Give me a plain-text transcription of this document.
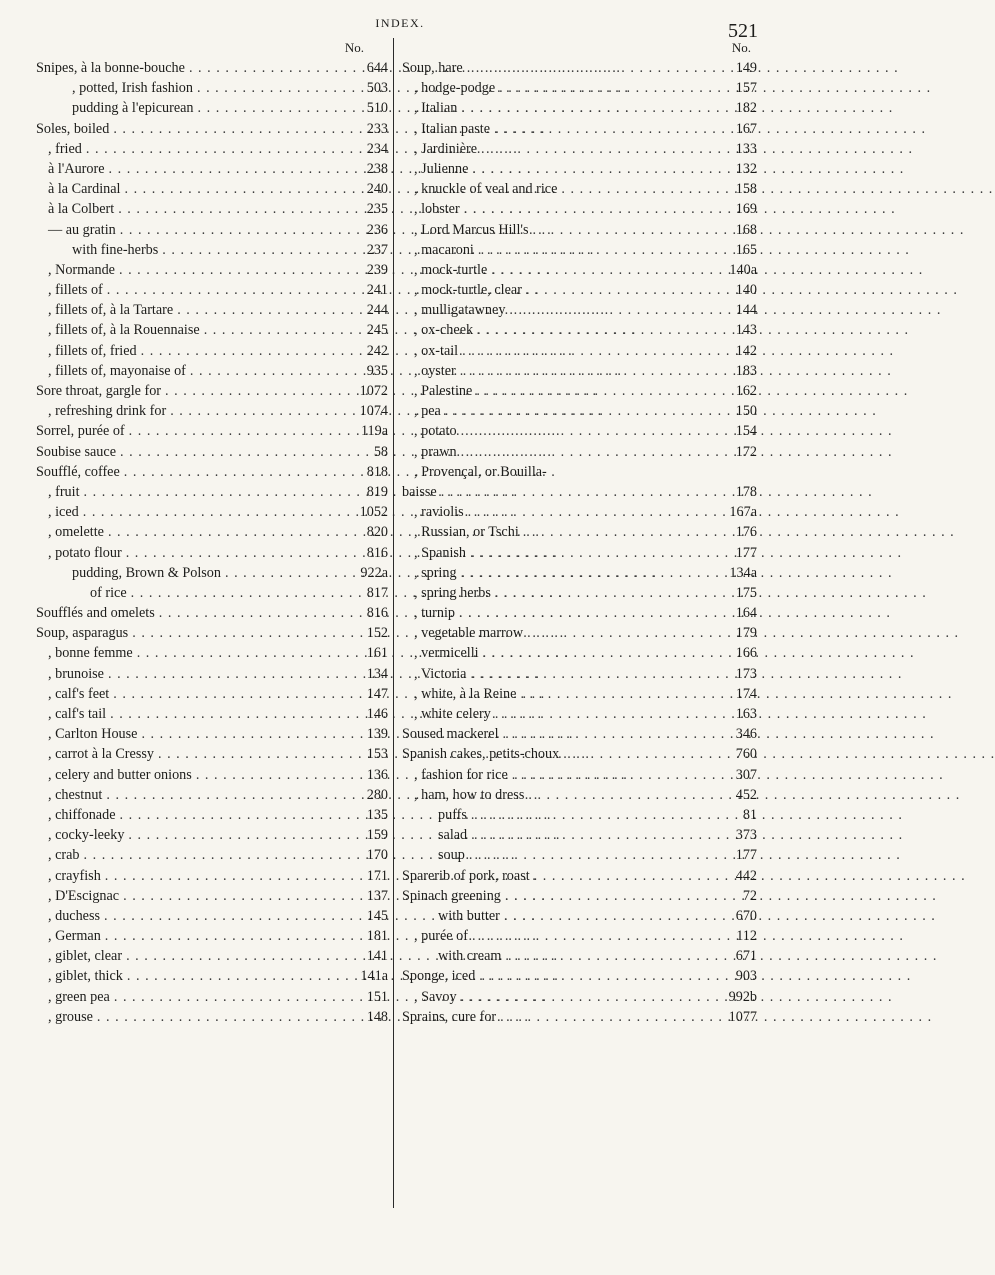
INDEX.	521
No.
Snipes, à la bonne-bouche . . .	644
, potted, Irish fashion . . .	503
pudding à l'epicurean . . .	510
Soles, boiled . . .	233
, fried . . .	234
à l'Aurore . . .	238
à la Cardinal . . .	240
à la Colbert . . .	235
— au gratin . . .	236
with fine-herbs . . .	237
, Normande . . .	239
, fillets of . . .	241
, fillets of, à la Tartare . . .	244
, fillets of, à la Rouennaise . . .	245
, fillets of, fried . . .	242
, fillets of, mayonaise of . . .	935
Sore throat, gargle for . . .	1072
, refreshing drink for . . .	1074
Sorrel, purée of . . .	119a
Soubise sauce . . .	58
Soufflé, coffee . . .	818
, fruit . . .	819
, iced . . .	1052
, omelette . . .	820
, potato flour . . .	816
pudding, Brown & Polson . . .	922a
of rice . . .	817
Soufflés and omelets . . .	816
Soup, asparagus . . .	152
, bonne femme . . .	161
, brunoise . . .	134
, calf's feet . . .	147
, calf's tail . . .	146
, Carlton House . . .	139
, carrot à la Cressy . . .	153
, celery and butter onions . . .	136
, chestnut . . .	280
, chiffonade . . .	135
, cocky-leeky . . .	159
, crab . . .	170
, crayfish . . .	171
, D'Escignac . . .	137
, duchess . . .	145
, German . . .	181
, giblet, clear . . .	141
, giblet, thick . . .	141a
, green pea . . .	151
, grouse . . .	148
No.
Soup, hare . . .	149
, hodge-podge . . .	157
, Italian . . .	182
, Italian paste . . .	167
, Jardinière . . .	133
, Julienne . . .	132
, knuckle of veal and rice . . .	158
, lobster . . .	169
, Lord Marcus Hill's . . .	168
, macaroni . . .	165
, mock-turtle . . .	140a
, mock-turtle, clear . . .	140
, mulligatawney . . .	144
, ox-cheek . . .	143
, ox-tail . . .	142
, oyster . . .	183
, Palestine . . .	162
, pea . . .	150
, potato . . .	154
, prawn . . .	172
, Provençal, or Bouilla-
baisse . . .	178
, raviolis . . .	167a
, Russian, or Tschi . . .	176
, Spanish . . .	177
, spring . . .	134a
, spring herbs . . .	175
, turnip . . .	164
, vegetable marrow . . .	179
, vermicelli . . .	166
, Victoria . . .	173
, white, à la Reine . . .	174
, white celery . . .	163
Soused mackerel . . .	346
Spanish cakes, petits-choux . . .	760
, fashion for rice . . .	307
, ham, how to dress . . .	452
puffs . . .	81
salad . . .	373
soup . . .	177
Sparerib of pork, roast . . .	442
Spinach greening . . .	72
with butter . . .	670
, purée of . . .	112
with cream . . .	671
Sponge, iced . . .	903
, Savoy . . .	992b
Sprains, cure for . . .	1077
